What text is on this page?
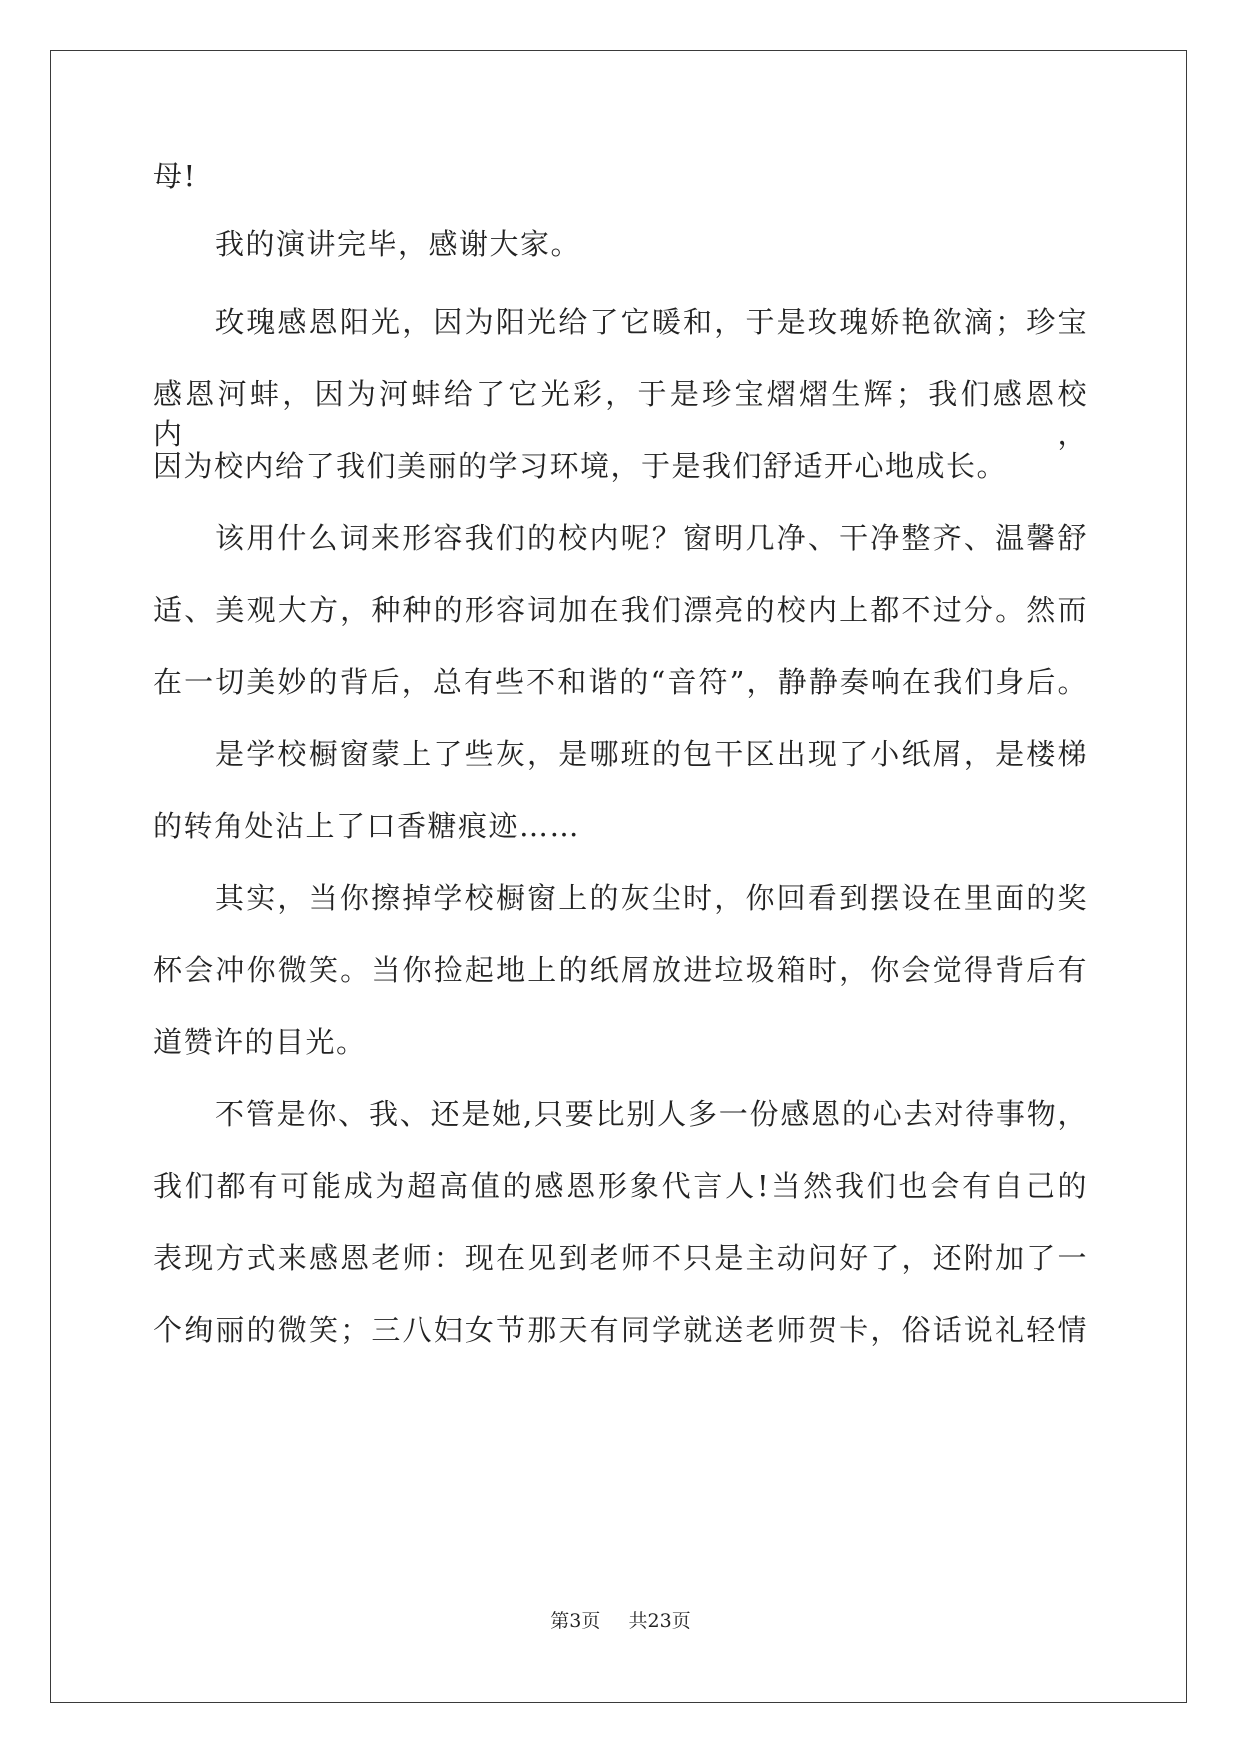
母!
我的演讲完毕，感谢大家。
玫瑰感恩阳光，因为阳光给了它暖和，于是玫瑰娇艳欲滴；珍宝
感恩河蚌，因为河蚌给了它光彩，于是珍宝熠熠生辉；我们感恩校内，
因为校内给了我们美丽的学习环境，于是我们舒适开心地成长。
该用什么词来形容我们的校内呢？窗明几净、干净整齐、温馨舒
适、美观大方，种种的形容词加在我们漂亮的校内上都不过分。然而
在一切美妙的背后，总有些不和谐的“音符”，静静奏响在我们身后。
是学校橱窗蒙上了些灰，是哪班的包干区出现了小纸屑，是楼梯
的转角处沾上了口香糖痕迹……
其实，当你擦掉学校橱窗上的灰尘时，你回看到摆设在里面的奖
杯会冲你微笑。当你捡起地上的纸屑放进垃圾箱时，你会觉得背后有
道赞许的目光。
不管是你、我、还是她,只要比别人多一份感恩的心去对待事物，
我们都有可能成为超高值的感恩形象代言人!当然我们也会有自己的
表现方式来感恩老师：现在见到老师不只是主动问好了，还附加了一
个绚丽的微笑；三八妇女节那天有同学就送老师贺卡，俗话说礼轻情
第3页 共23页
